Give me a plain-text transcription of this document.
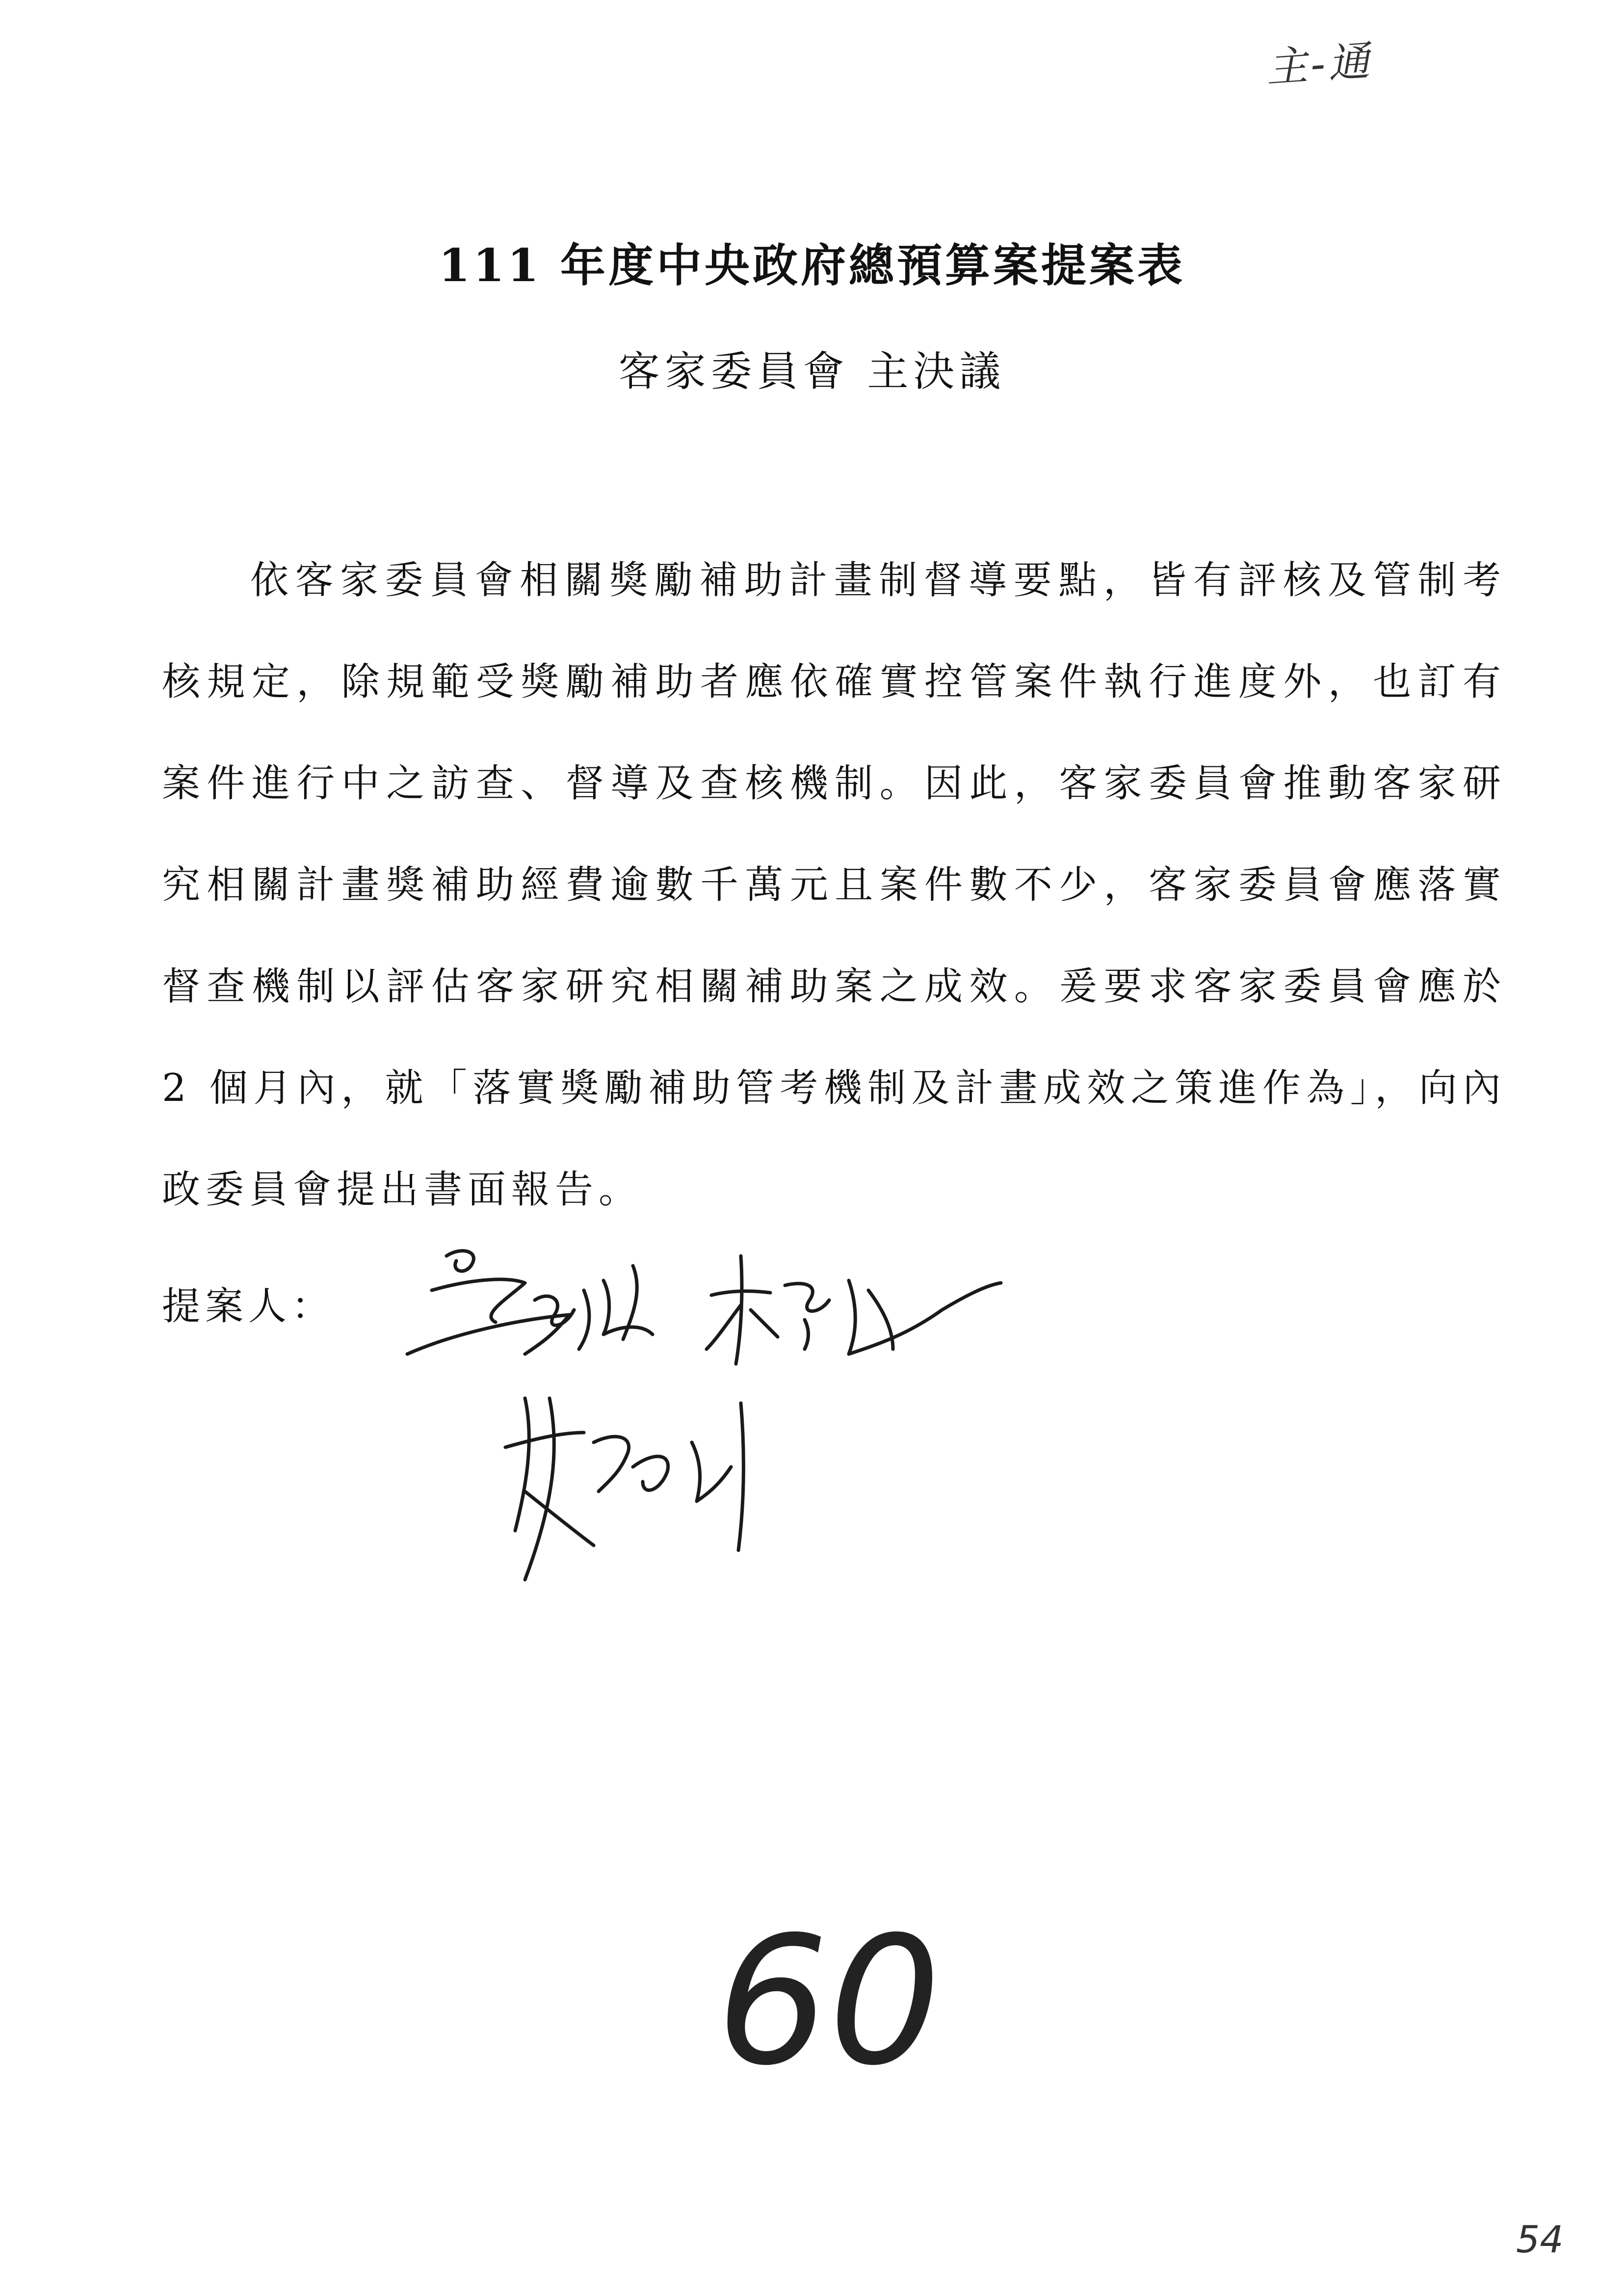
主-通
111 年度中央政府總預算案提案表
客家委員會 主決議

依客家委員會相關獎勵補助計畫制督導要點，皆有評核及管制考核規定，除規範受獎勵補助者應依確實控管案件執行進度外，也訂有案件進行中之訪查、督導及查核機制。因此，客家委員會推動客家研究相關計畫獎補助經費逾數千萬元且案件數不少，客家委員會應落實督查機制以評估客家研究相關補助案之成效。爰要求客家委員會應於 2 個月內，就「落實獎勵補助管考機制及計畫成效之策進作為」，向內政委員會提出書面報告。

提案人：
60
54
